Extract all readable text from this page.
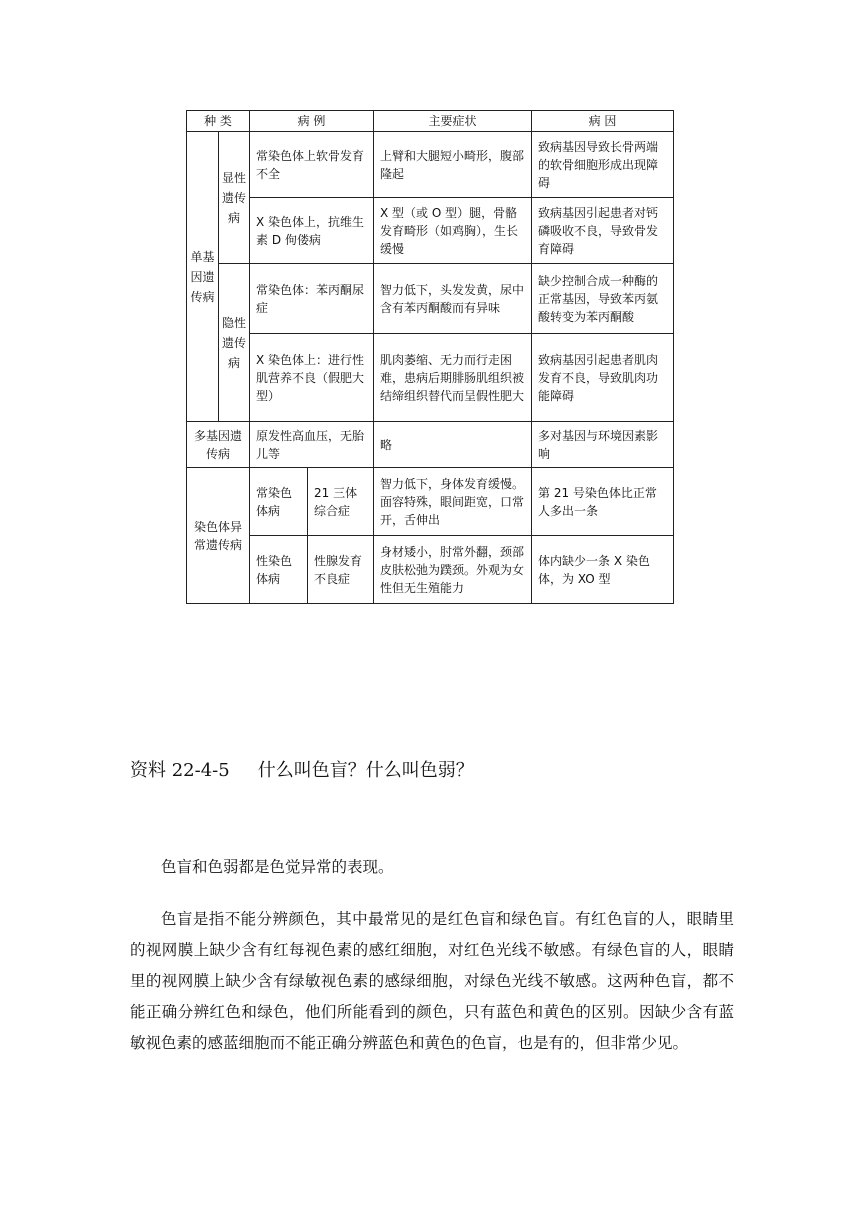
种 类		病 例		主要症状	病 因
单基因遗传病	显性遗传病	常染色体上软骨发育不全		上臂和大腿短小畸形，腹部隆起	致病基因导致长骨两端的软骨细胞形成出现障碍
		X 染色体上，抗维生素 D 佝偻病		X 型（或 O 型）腿，骨骼发育畸形（如鸡胸），生长缓慢	致病基因引起患者对钙磷吸收不良，导致骨发育障碍
	隐性遗传病	常染色体：苯丙酮尿症		智力低下，头发发黄，尿中含有苯丙酮酸而有异味	缺少控制合成一种酶的正常基因，导致苯丙氨酸转变为苯丙酮酸
		X 染色体上：进行性肌营养不良（假肥大型）		肌肉萎缩、无力而行走困难，患病后期腓肠肌组织被结缔组织替代而呈假性肥大	致病基因引起患者肌肉发育不良，导致肌肉功能障碍
多基因遗传病		原发性高血压，无胎儿等		略	多对基因与环境因素影响
染色体异常遗传病		常染色体病	21 三体综合症	智力低下，身体发育缓慢。面容特殊，眼间距宽，口常开，舌伸出	第 21 号染色体比正常人多出一条
		性染色体病	性腺发育不良症	身材矮小，肘常外翻，颈部皮肤松弛为蹼颈。外观为女性但无生殖能力	体内缺少一条 X 染色体，为 XO 型
资料 22-4-5 什么叫色盲？什么叫色弱？

色盲和色弱都是色觉异常的表现。

色盲是指不能分辨颜色，其中最常见的是红色盲和绿色盲。有红色盲的人，眼睛里的视网膜上缺少含有红每视色素的感红细胞，对红色光线不敏感。有绿色盲的人，眼睛里的视网膜上缺少含有绿敏视色素的感绿细胞，对绿色光线不敏感。这两种色盲，都不能正确分辨红色和绿色，他们所能看到的颜色，只有蓝色和黄色的区别。因缺少含有蓝敏视色素的感蓝细胞而不能正确分辨蓝色和黄色的色盲，也是有的，但非常少见。
